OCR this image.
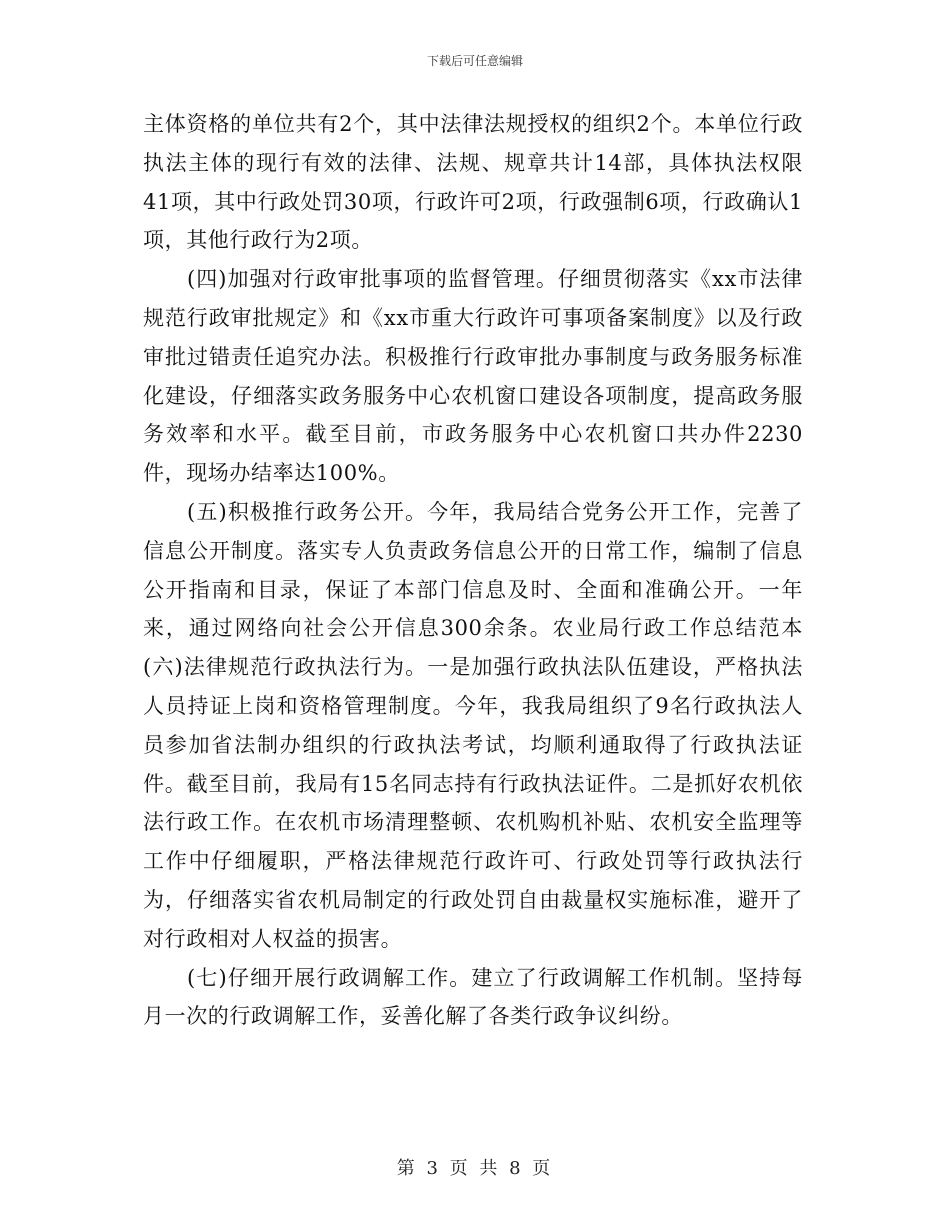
下载后可任意编辑

主体资格的单位共有2个，其中法律法规授权的组织2个。本单位行政执法主体的现行有效的法律、法规、规章共计14部，具体执法权限41项，其中行政处罚30项，行政许可2项，行政强制6项，行政确认1项，其他行政行为2项。

(四)加强对行政审批事项的监督管理。仔细贯彻落实《xx市法律规范行政审批规定》和《xx市重大行政许可事项备案制度》以及行政审批过错责任追究办法。积极推行行政审批办事制度与政务服务标准化建设，仔细落实政务服务中心农机窗口建设各项制度，提高政务服务效率和水平。截至目前，市政务服务中心农机窗口共办件2230件，现场办结率达100%。

(五)积极推行政务公开。今年，我局结合党务公开工作，完善了信息公开制度。落实专人负责政务信息公开的日常工作，编制了信息公开指南和目录，保证了本部门信息及时、全面和准确公开。一年来，通过网络向社会公开信息300余条。农业局行政工作总结范本(六)法律规范行政执法行为。一是加强行政执法队伍建设，严格执法人员持证上岗和资格管理制度。今年，我我局组织了9名行政执法人员参加省法制办组织的行政执法考试，均顺利通取得了行政执法证件。截至目前，我局有15名同志持有行政执法证件。二是抓好农机依法行政工作。在农机市场清理整顿、农机购机补贴、农机安全监理等工作中仔细履职，严格法律规范行政许可、行政处罚等行政执法行为，仔细落实省农机局制定的行政处罚自由裁量权实施标准，避开了对行政相对人权益的损害。

(七)仔细开展行政调解工作。建立了行政调解工作机制。坚持每月一次的行政调解工作，妥善化解了各类行政争议纠纷。

第 3 页 共 8 页
